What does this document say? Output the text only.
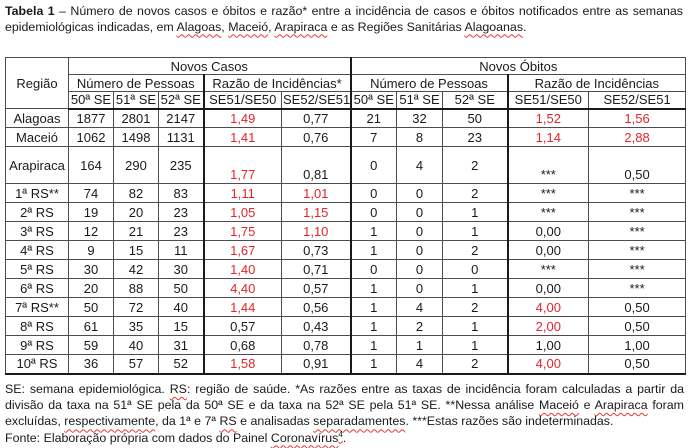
Tabela 1 – Número de novos casos e óbitos e razão* entre a incidência de casos e óbitos notificados entre as semanas
epidemiológicas indicadas, em Alagoas, Maceió, Arapiraca e as Regiões Sanitárias Alagoanas.
Região	Novos Casos					Novos Óbitos				
	Número de Pessoas			Razão de Incidências*		Número de Pessoas			Razão de Incidências	
	50ª SE	51ª SE	52ª SE	SE51/SE50	SE52/SE51	50ª SE	51ª SE	52ª SE	SE51/SE50	SE52/SE51
Alagoas	1877	2801	2147	1,49	0,77	21	32	50	1,52	1,56
Maceió	1062	1498	1131	1,41	0,76	7	8	23	1,14	2,88
Arapiraca	164	290	235	1,77	0,81	0	4	2	***	0,50
1ª RS**	74	82	83	1,11	1,01	0	0	2	***	***
2ª RS	19	20	23	1,05	1,15	0	0	1	***	***
3ª RS	12	21	23	1,75	1,10	1	0	1	0,00	***
4ª RS	9	15	11	1,67	0,73	1	0	2	0,00	***
5ª RS	30	42	30	1,40	0,71	0	0	0	***	***
6ª RS	20	88	50	4,40	0,57	1	0	1	0,00	***
7ª RS**	50	72	40	1,44	0,56	1	4	2	4,00	0,50
8ª RS	61	35	15	0,57	0,43	1	2	1	2,00	0,50
9ª RS	59	40	31	0,68	0,78	1	1	1	1,00	1,00
10ª RS	36	57	52	1,58	0,91	1	4	2	4,00	0,50
SE: semana epidemiológica. RS: região de saúde. *As razões entre as taxas de incidência foram calculadas a partir da
divisão da taxa na 51ª SE pela da 50ª SE e da taxa na 52ª SE pela 51ª SE. **Nessa análise Maceió e Arapiraca foram
excluídas, respectivamente, da 1ª e 7ª RS e analisadas separadamentes. ***Estas razões são indeterminadas.
Fonte: Elaboração própria com dados do Painel Coronavírus$^4$.
